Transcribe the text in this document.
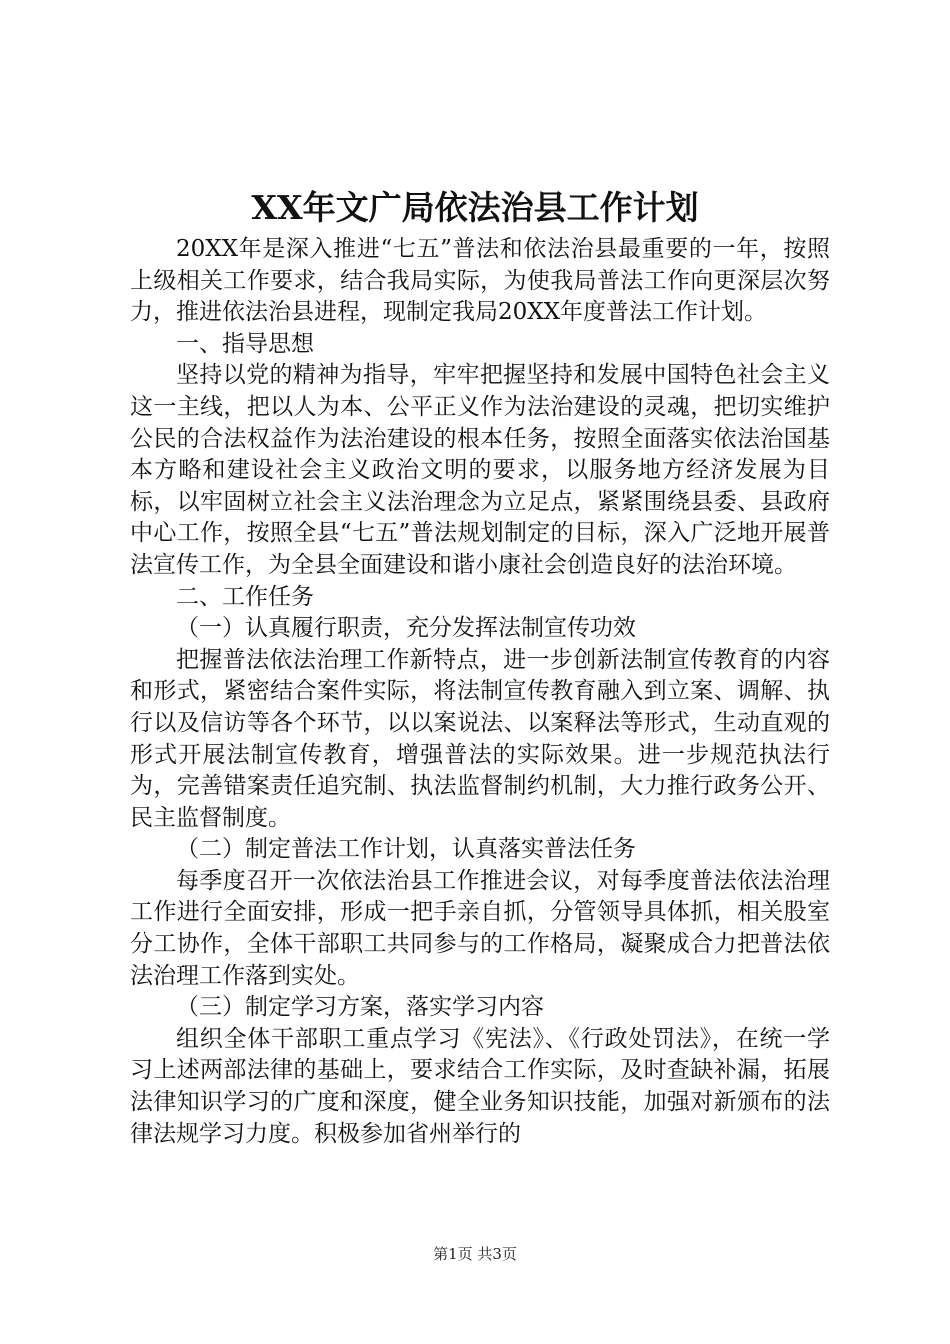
XX年文广局依法治县工作计划

20XX年是深入推进“七五”普法和依法治县最重要的一年，按照上级相关工作要求，结合我局实际，为使我局普法工作向更深层次努力，推进依法治县进程，现制定我局20XX年度普法工作计划。

一、指导思想

坚持以党的精神为指导，牢牢把握坚持和发展中国特色社会主义这一主线，把以人为本、公平正义作为法治建设的灵魂，把切实维护公民的合法权益作为法治建设的根本任务，按照全面落实依法治国基本方略和建设社会主义政治文明的要求，以服务地方经济发展为目标，以牢固树立社会主义法治理念为立足点，紧紧围绕县委、县政府中心工作，按照全县“七五”普法规划制定的目标，深入广泛地开展普法宣传工作，为全县全面建设和谐小康社会创造良好的法治环境。

二、工作任务

（一）认真履行职责，充分发挥法制宣传功效

把握普法依法治理工作新特点，进一步创新法制宣传教育的内容和形式，紧密结合案件实际，将法制宣传教育融入到立案、调解、执行以及信访等各个环节，以以案说法、以案释法等形式，生动直观的形式开展法制宣传教育，增强普法的实际效果。进一步规范执法行为，完善错案责任追究制、执法监督制约机制，大力推行政务公开、民主监督制度。

（二）制定普法工作计划，认真落实普法任务

每季度召开一次依法治县工作推进会议，对每季度普法依法治理工作进行全面安排，形成一把手亲自抓，分管领导具体抓，相关股室分工协作，全体干部职工共同参与的工作格局，凝聚成合力把普法依法治理工作落到实处。

（三）制定学习方案，落实学习内容

组织全体干部职工重点学习《宪法》、《行政处罚法》，在统一学习上述两部法律的基础上，要求结合工作实际，及时查缺补漏，拓展法律知识学习的广度和深度，健全业务知识技能，加强对新颁布的法律法规学习力度。积极参加省州举行的

第1页 共3页
